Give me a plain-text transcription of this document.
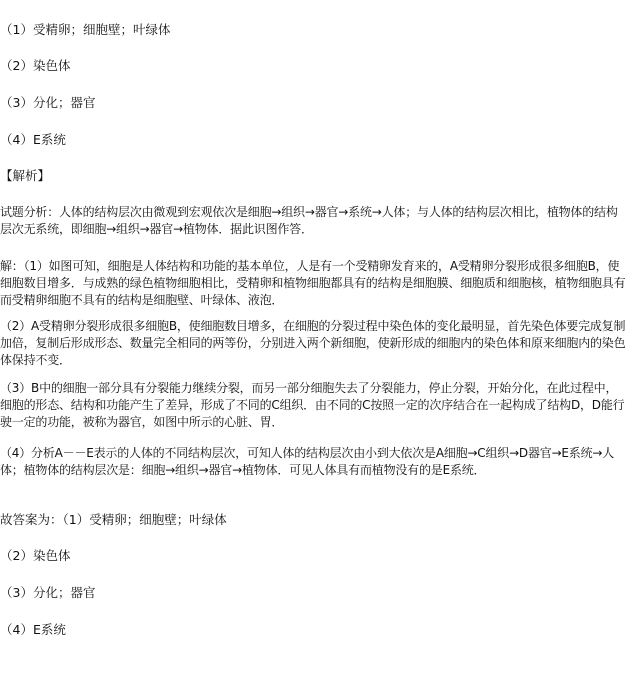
（1）受精卵；细胞壁；叶绿体
（2）染色体
（3）分化；器官
（4）E系统
【解析】
试题分析：人体的结构层次由微观到宏观依次是细胞→组织→器官→系统→人体；与人体的结构层次相比，植物体的结构层次无系统，即细胞→组织→器官→植物体．据此识图作答．
解：（1）如图可知，细胞是人体结构和功能的基本单位，人是有一个受精卵发育来的，A受精卵分裂形成很多细胞B，使细胞数目增多．与成熟的绿色植物细胞相比，受精卵和植物细胞都具有的结构是细胞膜、细胞质和细胞核，植物细胞具有而受精卵细胞不具有的结构是细胞壁、叶绿体、液泡．
（2）A受精卵分裂形成很多细胞B，使细胞数目增多，在细胞的分裂过程中染色体的变化最明显，首先染色体要完成复制加倍，复制后形成形态、数量完全相同的两等份，分别进入两个新细胞，使新形成的细胞内的染色体和原来细胞内的染色体保持不变．
（3）B中的细胞一部分具有分裂能力继续分裂，而另一部分细胞失去了分裂能力，停止分裂，开始分化，在此过程中，细胞的形态、结构和功能产生了差异，形成了不同的C组织．由不同的C按照一定的次序结合在一起构成了结构D，D能行驶一定的功能，被称为器官，如图中所示的心脏、胃．
（4）分析A－－E表示的人体的不同结构层次，可知人体的结构层次由小到大依次是A细胞→C组织→D器官→E系统→人体；植物体的结构层次是：细胞→组织→器官→植物体．可见人体具有而植物没有的是E系统．
故答案为：（1）受精卵；细胞壁；叶绿体
（2）染色体
（3）分化；器官
（4）E系统
